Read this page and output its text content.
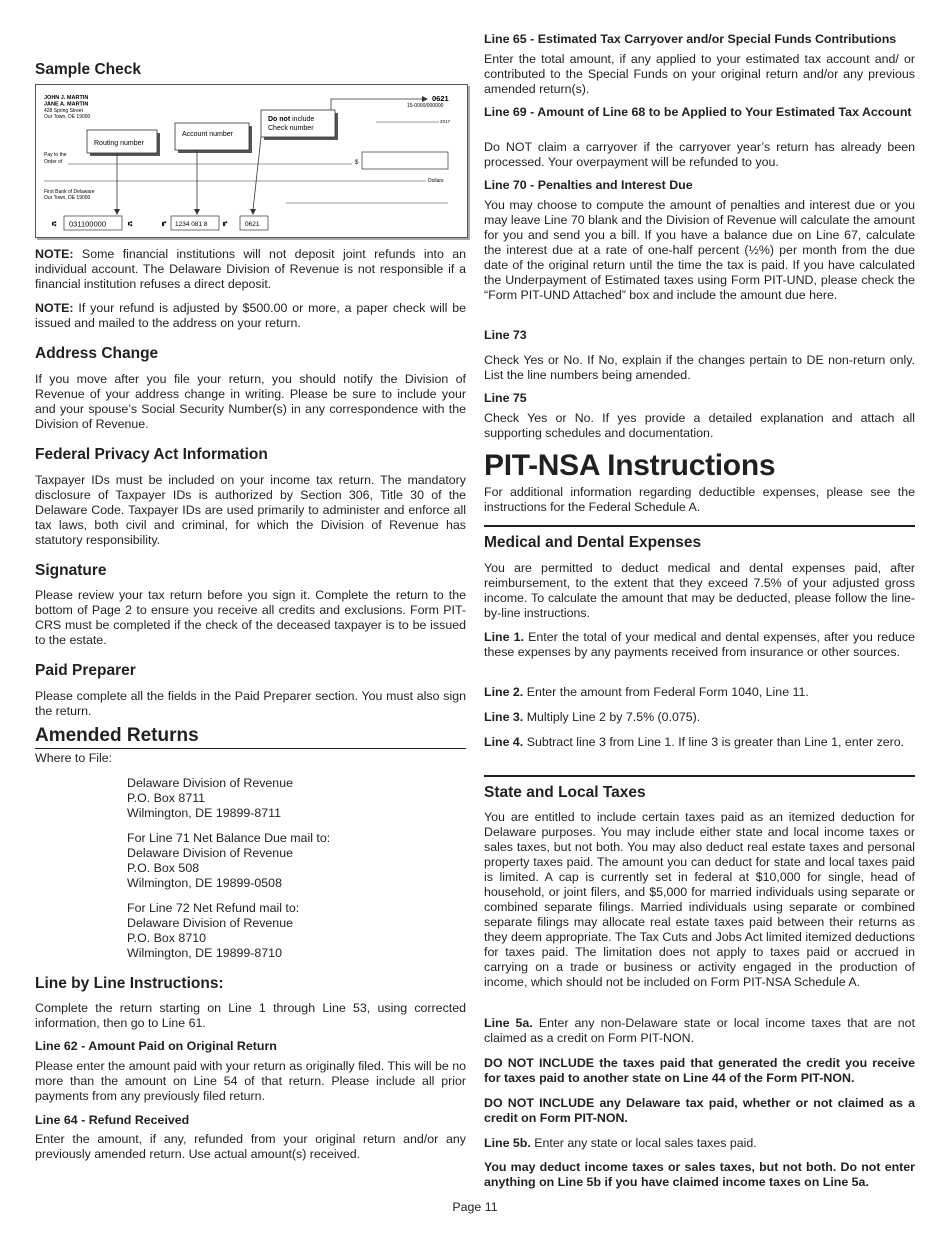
Sample Check
JOHN J. MARTIN
JANE A. MARTIN
428 Spring Street
Our Town, DE 19000
0621
15-0000/000000
2017
Routing number
Account number
Do not include
Check number
Pay to the
Order of	$
Dollars
First Bank of Delaware
Our Town, DE 19000
⑆ 031100000	⑆	⑈ 1234 081 8 ⑈	0621

NOTE: Some financial institutions will not deposit joint refunds into an individual account. The Delaware Division of Revenue is not responsible if a financial institution refuses a direct deposit.

NOTE: If your refund is adjusted by $500.00 or more, a paper check will be issued and mailed to the address on your return.

Address Change

If you move after you file your return, you should notify the Division of Revenue of your address change in writing. Please be sure to include your and your spouse’s Social Security Number(s) in any correspondence with the Division of Revenue.

Federal Privacy Act Information

Taxpayer IDs must be included on your income tax return. The mandatory disclosure of Taxpayer IDs is authorized by Section 306, Title 30 of the Delaware Code. Taxpayer IDs are used primarily to administer and enforce all tax laws, both civil and criminal, for which the Division of Revenue has statutory responsibility.

Signature

Please review your tax return before you sign it. Complete the return to the bottom of Page 2 to ensure you receive all credits and exclusions. Form PIT-CRS must be completed if the check of the deceased taxpayer is to be issued to the estate.

Paid Preparer

Please complete all the fields in the Paid Preparer section. You must also sign the return.

Amended Returns

Where to File:

Delaware Division of Revenue

P.O. Box 8711

Wilmington, DE 19899-8711

For Line 71 Net Balance Due mail to:

Delaware Division of Revenue

P.O. Box 508

Wilmington, DE 19899-0508

For Line 72 Net Refund mail to:

Delaware Division of Revenue

P.O. Box 8710

Wilmington, DE 19899-8710

Line by Line Instructions:

Complete the return starting on Line 1 through Line 53, using corrected information, then go to Line 61.

Line 62 - Amount Paid on Original Return

Please enter the amount paid with your return as originally filed. This will be no more than the amount on Line 54 of that return. Please include all prior payments from any previously filed return.

Line 64 - Refund Received

Enter the amount, if any, refunded from your original return and/or any previously amended return. Use actual amount(s) received.

Line 65 - Estimated Tax Carryover and/or Special Funds Contributions

Enter the total amount, if any applied to your estimated tax account and/ or contributed to the Special Funds on your original return and/or any previous amended return(s).

Line 69 - Amount of Line 68 to be Applied to Your Estimated Tax Account

Do NOT claim a carryover if the carryover year’s return has already been processed. Your overpayment will be refunded to you.

Line 70 - Penalties and Interest Due

You may choose to compute the amount of penalties and interest due or you may leave Line 70 blank and the Division of Revenue will calculate the amount for you and send you a bill. If you have a balance due on Line 67, calculate the interest due at a rate of one-half percent (½%) per month from the due date of the original return until the time the tax is paid. If you have calculated the Underpayment of Estimated taxes using Form PIT-UND, please check the “Form PIT-UND Attached” box and include the amount due here.

Line 73

Check Yes or No. If No, explain if the changes pertain to DE non-return only. List the line numbers being amended.

Line 75

Check Yes or No. If yes provide a detailed explanation and attach all supporting schedules and documentation.

PIT-NSA Instructions

For additional information regarding deductible expenses, please see the instructions for the Federal Schedule A.

Medical and Dental Expenses

You are permitted to deduct medical and dental expenses paid, after reimbursement, to the extent that they exceed 7.5% of your adjusted gross income. To calculate the amount that may be deducted, please follow the line-by-line instructions.

Line 1. Enter the total of your medical and dental expenses, after you reduce these expenses by any payments received from insurance or other sources.

Line 2. Enter the amount from Federal Form 1040, Line 11.

Line 3. Multiply Line 2 by 7.5% (0.075).

Line 4. Subtract line 3 from Line 1. If line 3 is greater than Line 1, enter zero.

State and Local Taxes

You are entitled to include certain taxes paid as an itemized deduction for Delaware purposes. You may include either state and local income taxes or sales taxes, but not both. You may also deduct real estate taxes and personal property taxes paid. The amount you can deduct for state and local taxes paid is limited. A cap is currently set in federal at $10,000 for single, head of household, or joint filers, and $5,000 for married individuals using separate or combined separate filings. Married individuals using separate or combined separate filings may allocate real estate taxes paid between their returns as they deem appropriate. The Tax Cuts and Jobs Act limited itemized deductions for taxes paid. The limitation does not apply to taxes paid or accrued in carrying on a trade or business or activity engaged in the production of income, which should not be included on Form PIT-NSA Schedule A.

Line 5a. Enter any non-Delaware state or local income taxes that are not claimed as a credit on Form PIT-NON.

DO NOT INCLUDE the taxes paid that generated the credit you receive for taxes paid to another state on Line 44 of the Form PIT-NON.

DO NOT INCLUDE any Delaware tax paid, whether or not claimed as a credit on Form PIT-NON.

Line 5b. Enter any state or local sales taxes paid.

You may deduct income taxes or sales taxes, but not both. Do not enter anything on Line 5b if you have claimed income taxes on Line 5a.

Page 11
